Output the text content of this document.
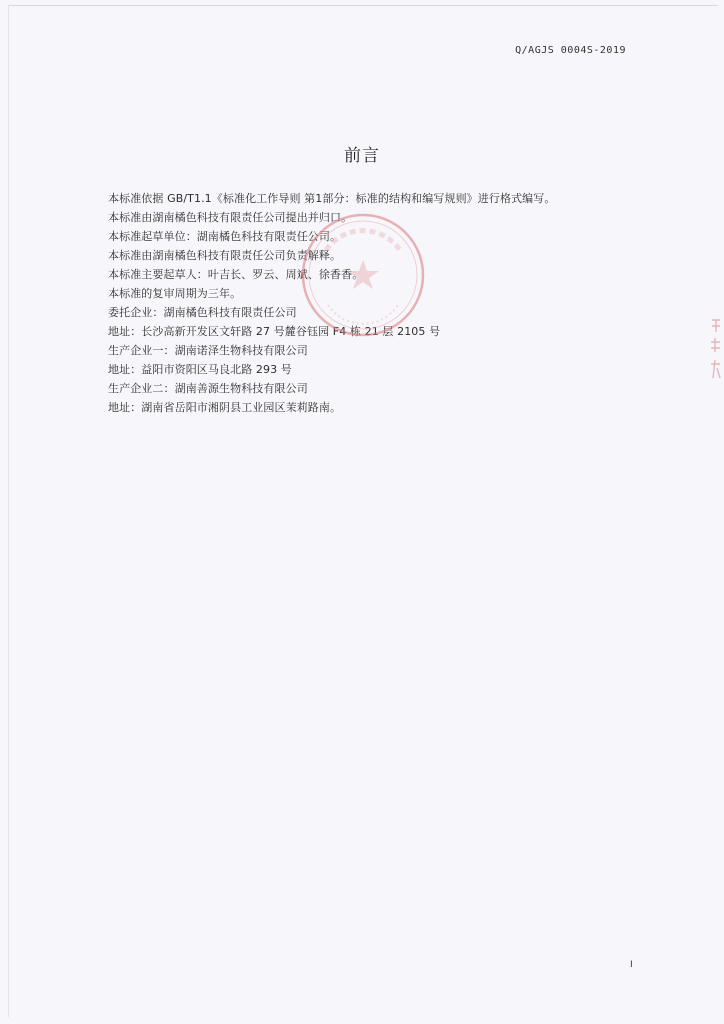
Q/AGJS 0004S-2019
前言
本标准依据 GB/T1.1《标准化工作导则 第1部分：标准的结构和编写规则》进行格式编写。
本标准由湖南橘色科技有限责任公司提出并归口。
本标准起草单位：湖南橘色科技有限责任公司。
本标准由湖南橘色科技有限责任公司负责解释。
本标准主要起草人：叶吉长、罗云、周斌、徐香香。
本标准的复审周期为三年。
委托企业：湖南橘色科技有限责任公司
地址：长沙高新开发区文轩路 27 号麓谷钰园 F4 栋 21 层 2105 号
生产企业一：湖南诺泽生物科技有限公司
地址：益阳市资阳区马良北路 293 号
生产企业二：湖南善源生物科技有限公司
地址：湖南省岳阳市湘阴县工业园区茉莉路南。
I
